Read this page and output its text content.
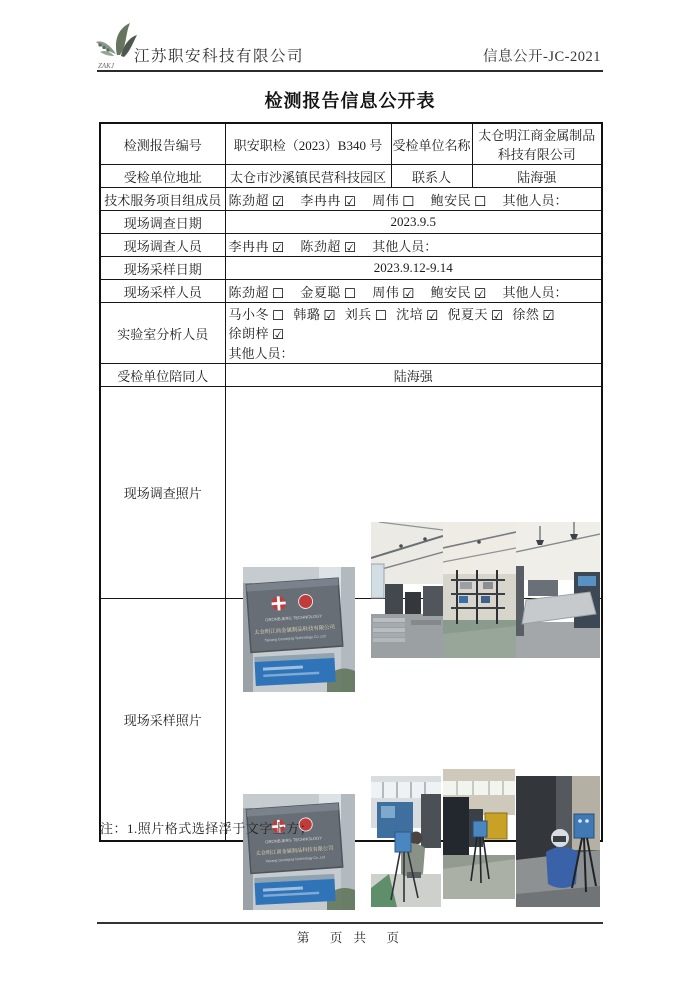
ZAKJ
江苏职安科技有限公司	信息公开-JC-2021
检测报告信息公开表
检测报告编号	职安职检（2023）B340 号	受检单位名称	太仓明江商金属制品科技有限公司
受检单位地址	太仓市沙溪镇民营科技园区	联系人	陆海强
技术服务项目组成员	陈劲超 ☑ 李冉冉 ☑ 周伟 ☐ 鲍安民 ☐ 其他人员：		
现场调查日期	2023.9.5		
现场调查人员	李冉冉 ☑ 陈劲超 ☑ 其他人员：		
现场采样日期	2023.9.12-9.14		
现场采样人员	陈劲超 ☐ 金夏聪 ☐ 周伟 ☑ 鲍安民 ☑ 其他人员：		
实验室分析人员	马小冬 ☐ 韩璐 ☑ 刘兵 ☐ 沈培 ☑ 倪夏天 ☑ 徐然 ☑ 徐朗梓 ☑
其他人员：		

受检单位陪同人	陆海强		
现场调查照片	GRONBJERG TECHNOLOGY
太仓明江商金属制品科技有限公司
Taicang Gronbjerg Technology Co.,Ltd		

现场采样照片	GRONBJERG TECHNOLOGY
太仓明江商金属制品科技有限公司
Taicang Gronbjerg Technology Co.,Ltd		
注：1.照片格式选择浮于文字上方；
第　页 共　页
